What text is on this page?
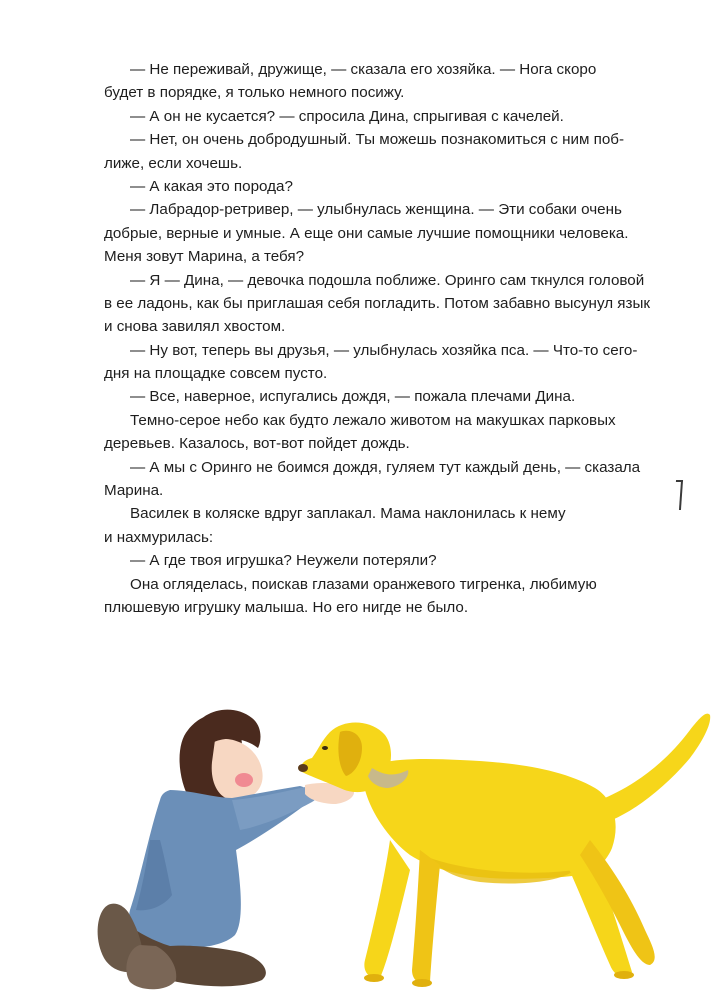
— Не переживай, дружище, — сказала его хозяйка. — Нога скоро
будет в порядке, я только немного посижу.
— А он не кусается? — спросила Дина, спрыгивая с качелей.
— Нет, он очень добродушный. Ты можешь познакомиться с ним поб-
лиже, если хочешь.
— А какая это порода?
— Лабрадор-ретривер, — улыбнулась женщина. — Эти собаки очень
добрые, верные и умные. А еще они самые лучшие помощники человека.
Меня зовут Марина, а тебя?
— Я — Дина, — девочка подошла поближе. Оринго сам ткнулся головой
в ее ладонь, как бы приглашая себя погладить. Потом забавно высунул язык
и снова завилял хвостом.
— Ну вот, теперь вы друзья, — улыбнулась хозяйка пса. — Что-то сего-
дня на площадке совсем пусто.
— Все, наверное, испугались дождя, — пожала плечами Дина.
Темно-серое небо как будто лежало животом на макушках парковых
деревьев. Казалось, вот-вот пойдет дождь.
— А мы с Оринго не боимся дождя, гуляем тут каждый день, — сказала
Марина.
Василек в коляске вдруг заплакал. Мама наклонилась к нему
и нахмурилась:
— А где твоя игрушка? Неужели потеряли?
Она огляделась, поискав глазами оранжевого тигренка, любимую
плюшевую игрушку малыша. Но его нигде не было.
